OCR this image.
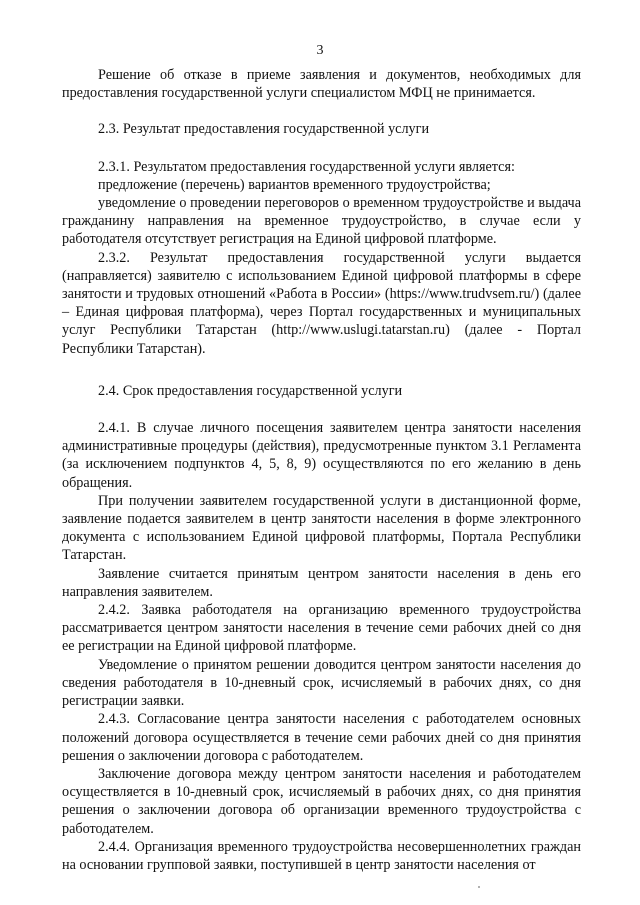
3

Решение об отказе в приеме заявления и документов, необходимых для предоставления государственной услуги специалистом МФЦ не принимается.

2.3. Результат предоставления государственной услуги

2.3.1. Результатом предоставления государственной услуги является:

предложение (перечень) вариантов временного трудоустройства;

уведомление о проведении переговоров о временном трудоустройстве и выдача гражданину направления на временное трудоустройство, в случае если у работодателя отсутствует регистрация на Единой цифровой платформе.

2.3.2. Результат предоставления государственной услуги выдается (направляется) заявителю с использованием Единой цифровой платформы в сфере занятости и трудовых отношений «Работа в России» (https://www.trudvsem.ru/) (далее – Единая цифровая платформа), через Портал государственных и муниципальных услуг Республики Татарстан (http://www.uslugi.tatarstan.ru) (далее - Портал Республики Татарстан).

2.4. Срок предоставления государственной услуги

2.4.1. В случае личного посещения заявителем центра занятости населения административные процедуры (действия), предусмотренные пунктом 3.1 Регламента (за исключением подпунктов 4, 5, 8, 9) осуществляются по его желанию в день обращения.

При получении заявителем государственной услуги в дистанционной форме, заявление подается заявителем в центр занятости населения в форме электронного документа с использованием Единой цифровой платформы, Портала Республики Татарстан.

Заявление считается принятым центром занятости населения в день его направления заявителем.

2.4.2. Заявка работодателя на организацию временного трудоустройства рассматривается центром занятости населения в течение семи рабочих дней со дня ее регистрации на Единой цифровой платформе.

Уведомление о принятом решении доводится центром занятости населения до сведения работодателя в 10-дневный срок, исчисляемый в рабочих днях, со дня регистрации заявки.

2.4.3. Согласование центра занятости населения с работодателем основных положений договора осуществляется в течение семи рабочих дней со дня принятия решения о заключении договора с работодателем.

Заключение договора между центром занятости населения и работодателем осуществляется в 10-дневный срок, исчисляемый в рабочих днях, со дня принятия решения о заключении договора об организации временного трудоустройства с работодателем.

2.4.4. Организация временного трудоустройства несовершеннолетних граждан на основании групповой заявки, поступившей в центр занятости населения от
